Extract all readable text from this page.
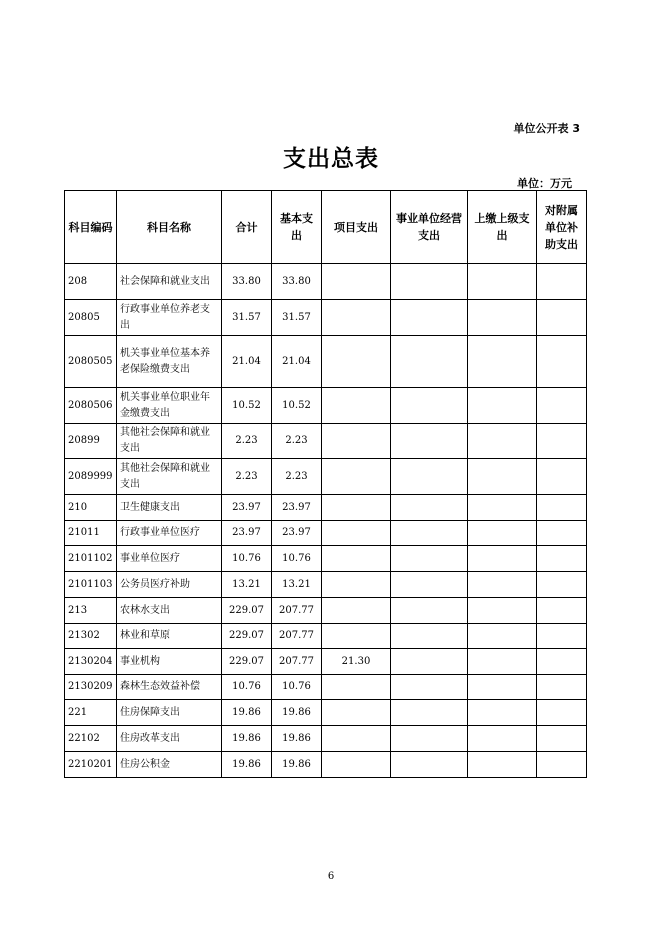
单位公开表 3
支出总表
单位：万元
科目编码	科目名称	合计	基本支出	项目支出	事业单位经营支出	上缴上级支出	对附属单位补助支出
208	社会保障和就业支出	33.80	33.80				
20805	行政事业单位养老支出	31.57	31.57				
2080505	机关事业单位基本养老保险缴费支出	21.04	21.04				
2080506	机关事业单位职业年金缴费支出	10.52	10.52				
20899	其他社会保障和就业支出	2.23	2.23				
2089999	其他社会保障和就业支出	2.23	2.23				
210	卫生健康支出	23.97	23.97				
21011	行政事业单位医疗	23.97	23.97				
2101102	事业单位医疗	10.76	10.76				
2101103	公务员医疗补助	13.21	13.21				
213	农林水支出	229.07	207.77				
21302	林业和草原	229.07	207.77				
2130204	事业机构	229.07	207.77	21.30			
2130209	森林生态效益补偿	10.76	10.76				
221	住房保障支出	19.86	19.86				
22102	住房改革支出	19.86	19.86				
2210201	住房公积金	19.86	19.86				
6
